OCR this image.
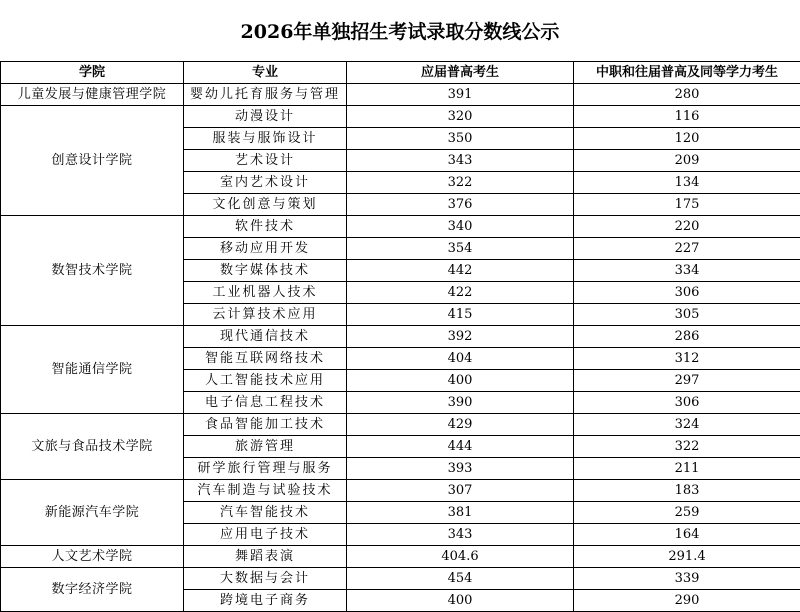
2026年单独招生考试录取分数线公示
学院	专业	应届普高考生	中职和往届普高及同等学力考生
儿童发展与健康管理学院	婴幼儿托育服务与管理	391	280
创意设计学院	动漫设计	320	116
	服装与服饰设计	350	120
	艺术设计	343	209
	室内艺术设计	322	134
	文化创意与策划	376	175
数智技术学院	软件技术	340	220
	移动应用开发	354	227
	数字媒体技术	442	334
	工业机器人技术	422	306
	云计算技术应用	415	305
智能通信学院	现代通信技术	392	286
	智能互联网络技术	404	312
	人工智能技术应用	400	297
	电子信息工程技术	390	306
文旅与食品技术学院	食品智能加工技术	429	324
	旅游管理	444	322
	研学旅行管理与服务	393	211
新能源汽车学院	汽车制造与试验技术	307	183
	汽车智能技术	381	259
	应用电子技术	343	164
人文艺术学院	舞蹈表演	404.6	291.4
数字经济学院	大数据与会计	454	339
	跨境电子商务	400	290
